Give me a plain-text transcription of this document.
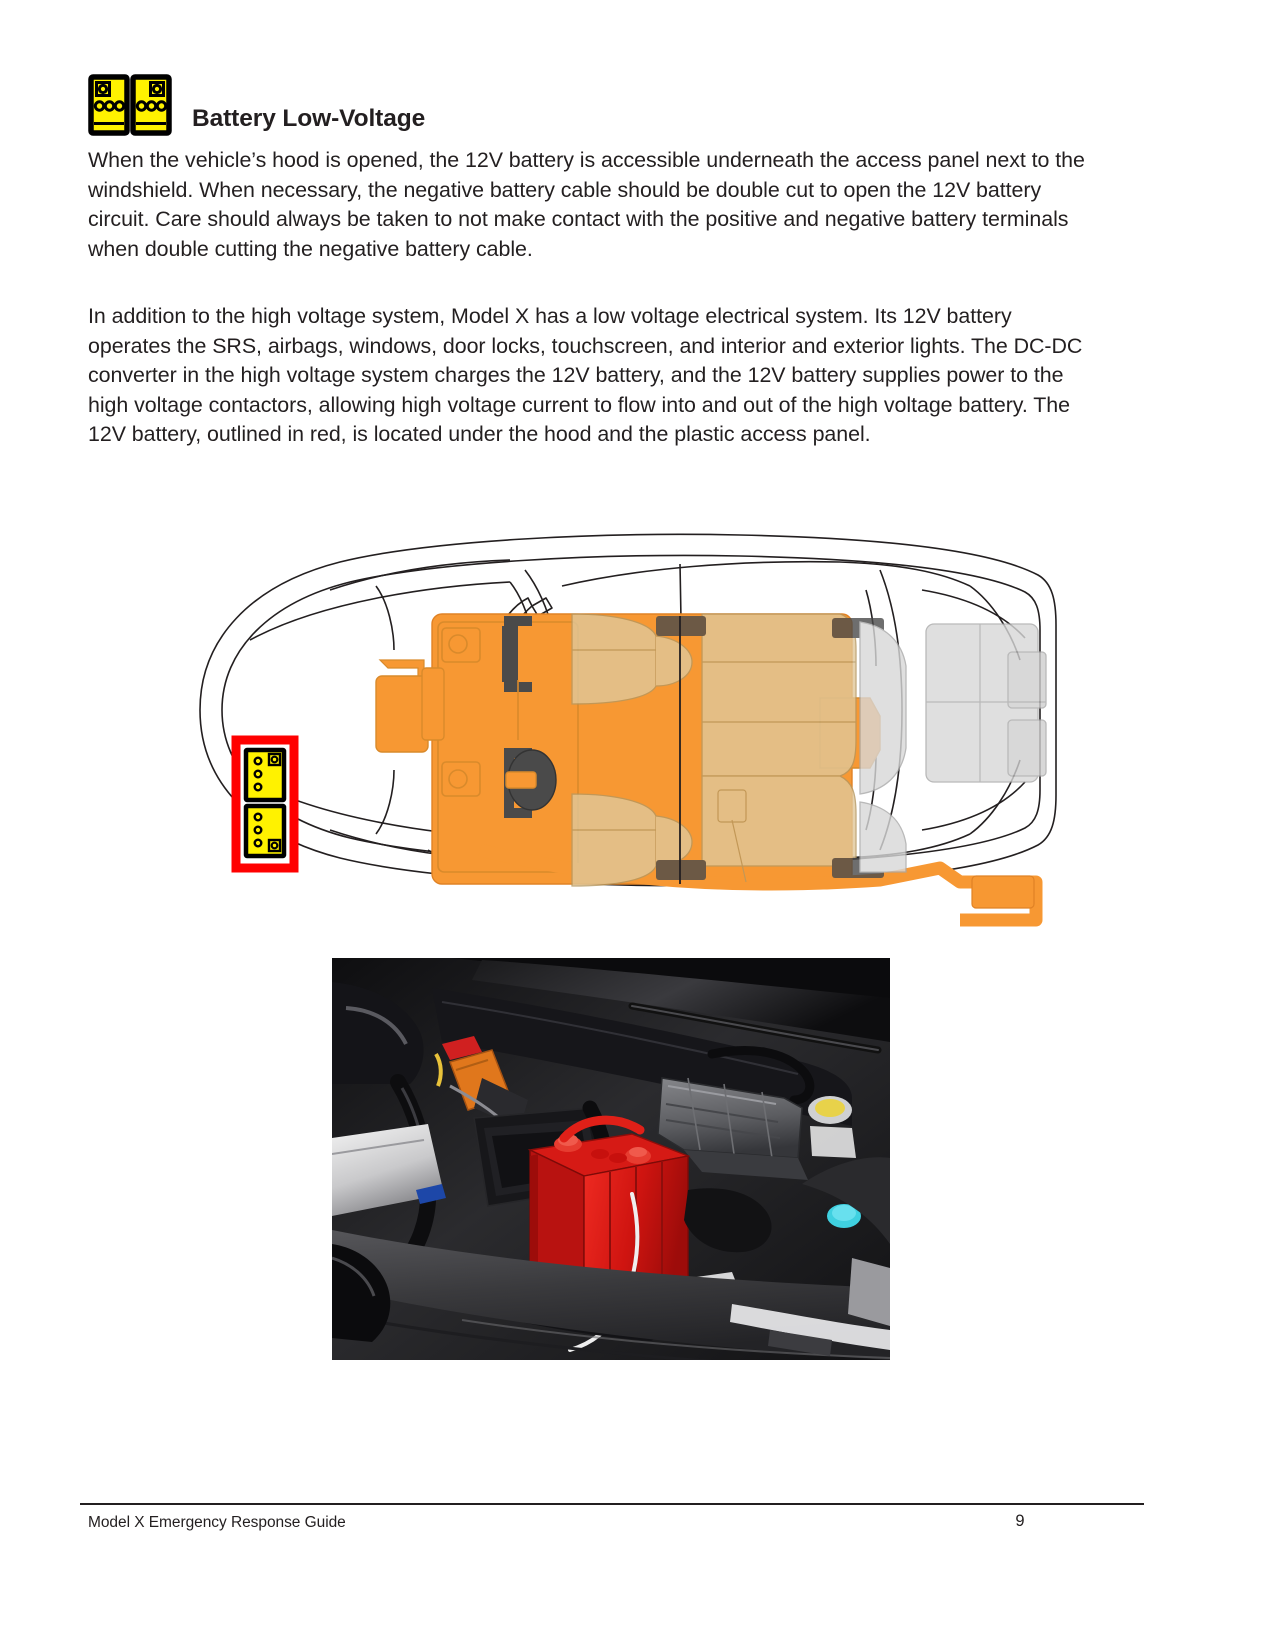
Battery Low-Voltage

When the vehicle’s hood is opened, the 12V battery is accessible underneath the access panel next to the windshield. When necessary, the negative battery cable should be double cut to open the 12V battery circuit. Care should always be taken to not make contact with the positive and negative battery terminals when double cutting the negative battery cable.

In addition to the high voltage system, Model X has a low voltage electrical system. Its 12V battery operates the SRS, airbags, windows, door locks, touchscreen, and interior and exterior lights. The DC-DC converter in the high voltage system charges the 12V battery, and the 12V battery supplies power to the high voltage contactors, allowing high voltage current to flow into and out of the high voltage battery. The 12V battery, outlined in red, is located under the hood and the plastic access panel.

Model X Emergency Response Guide	9
